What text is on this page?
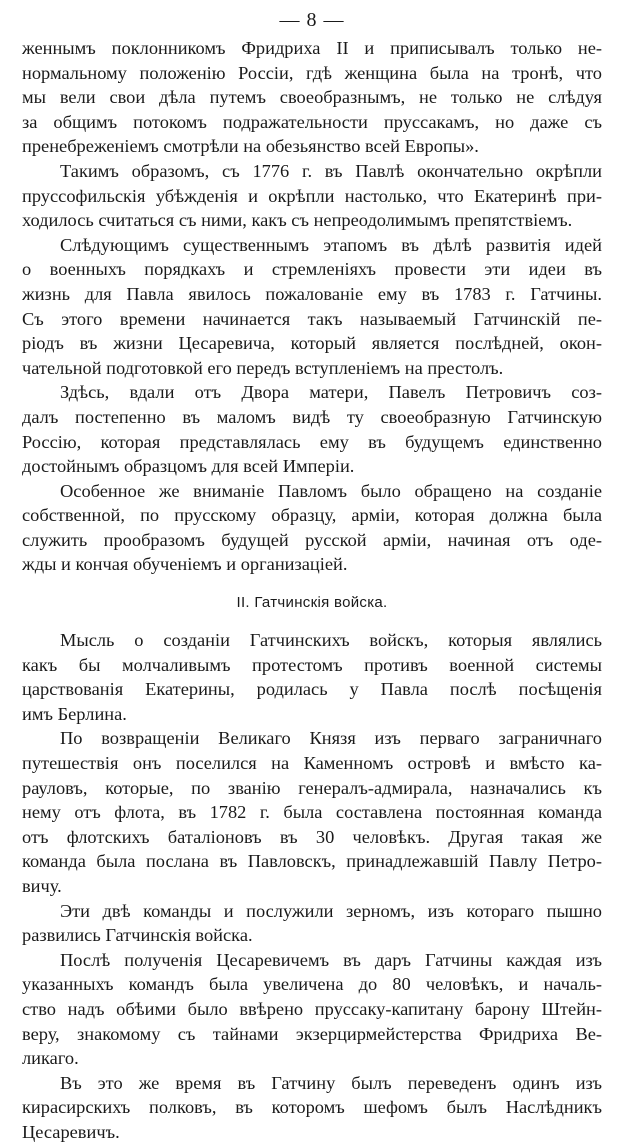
— 8 —
женнымъ поклонникомъ Фридриха II и приписывалъ только не-
нормальному положенію Россіи, гдѣ женщина была на тронѣ, что
мы вели свои дѣла путемъ своеобразнымъ, не только не слѣдуя
за общимъ потокомъ подражательности пруссакамъ, но даже съ
пренебреженіемъ смотрѣли на обезьянство всей Европы».
Такимъ образомъ, съ 1776 г. въ Павлѣ окончательно окрѣпли
пруссофильскія убѣжденія и окрѣпли настолько, что Екатеринѣ при-
ходилось считаться съ ними, какъ съ непреодолимымъ препятствіемъ.
Слѣдующимъ существеннымъ этапомъ въ дѣлѣ развитія идей
о военныхъ порядкахъ и стремленіяхъ провести эти идеи въ
жизнь для Павла явилось пожалованіе ему въ 1783 г. Гатчины.
Съ этого времени начинается такъ называемый Гатчинскій пе-
ріодъ въ жизни Цесаревича, который является послѣдней, окон-
чательной подготовкой его передъ вступленіемъ на престолъ.
Здѣсь, вдали отъ Двора матери, Павелъ Петровичъ соз-
далъ постепенно въ маломъ видѣ ту своеобразную Гатчинскую
Россію, которая представлялась ему въ будущемъ единственно
достойнымъ образцомъ для всей Имперіи.
Особенное же вниманіе Павломъ было обращено на созданіе
собственной, по прусскому образцу, арміи, которая должна была
служить прообразомъ будущей русской арміи, начиная отъ оде-
жды и кончая обученіемъ и организаціей.
II. Гатчинскія войска.
Мысль о созданіи Гатчинскихъ войскъ, которыя являлись
какъ бы молчаливымъ протестомъ противъ военной системы
царствованія Екатерины, родилась у Павла послѣ посѣщенія
имъ Берлина.
По возвращеніи Великаго Князя изъ перваго заграничнаго
путешествія онъ поселился на Каменномъ островѣ и вмѣсто ка-
рауловъ, которые, по званію генералъ-адмирала, назначались къ
нему отъ флота, въ 1782 г. была составлена постоянная команда
отъ флотскихъ баталіоновъ въ 30 человѣкъ. Другая такая же
команда была послана въ Павловскъ, принадлежавшій Павлу Петро-
вичу.
Эти двѣ команды и послужили зерномъ, изъ котораго пышно
развились Гатчинскія войска.
Послѣ полученія Цесаревичемъ въ даръ Гатчины каждая изъ
указанныхъ командъ была увеличена до 80 человѣкъ, и началь-
ство надъ обѣими было ввѣрено пруссаку-капитану барону Штейн-
веру, знакомому съ тайнами экзерцирмейстерства Фридриха Ве-
ликаго.
Въ это же время въ Гатчину былъ переведенъ одинъ изъ
кирасирскихъ полковъ, въ которомъ шефомъ былъ Наслѣдникъ
Цесаревичъ.
